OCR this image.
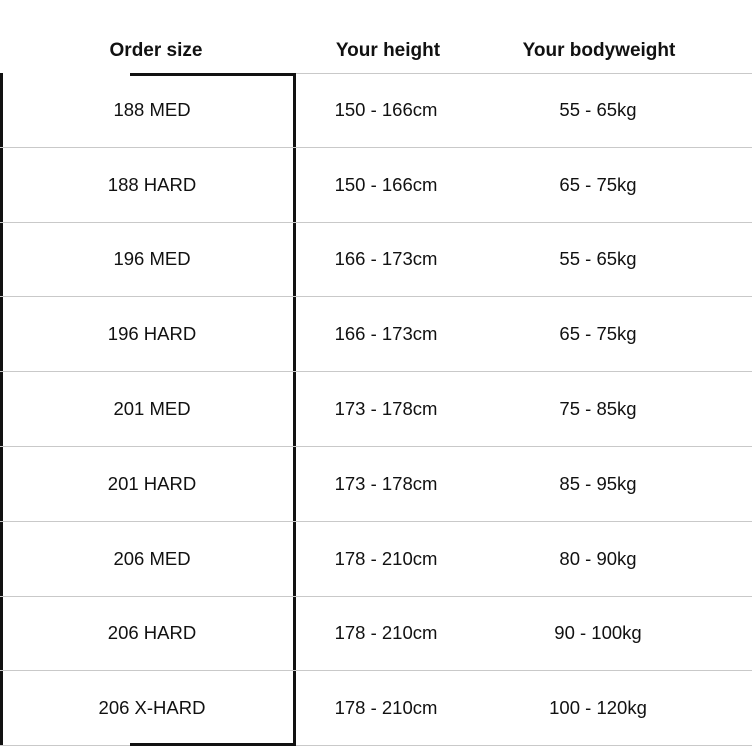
Order size	Your height	Your bodyweight
188 MED	150 - 166cm	55 - 65kg
188 HARD	150 - 166cm	65 - 75kg
196 MED	166 - 173cm	55 - 65kg
196 HARD	166 - 173cm	65 - 75kg
201 MED	173 - 178cm	75 - 85kg
201 HARD	173 - 178cm	85 - 95kg
206 MED	178 - 210cm	80 - 90kg
206 HARD	178 - 210cm	90 - 100kg
206 X-HARD	178 - 210cm	100 - 120kg
